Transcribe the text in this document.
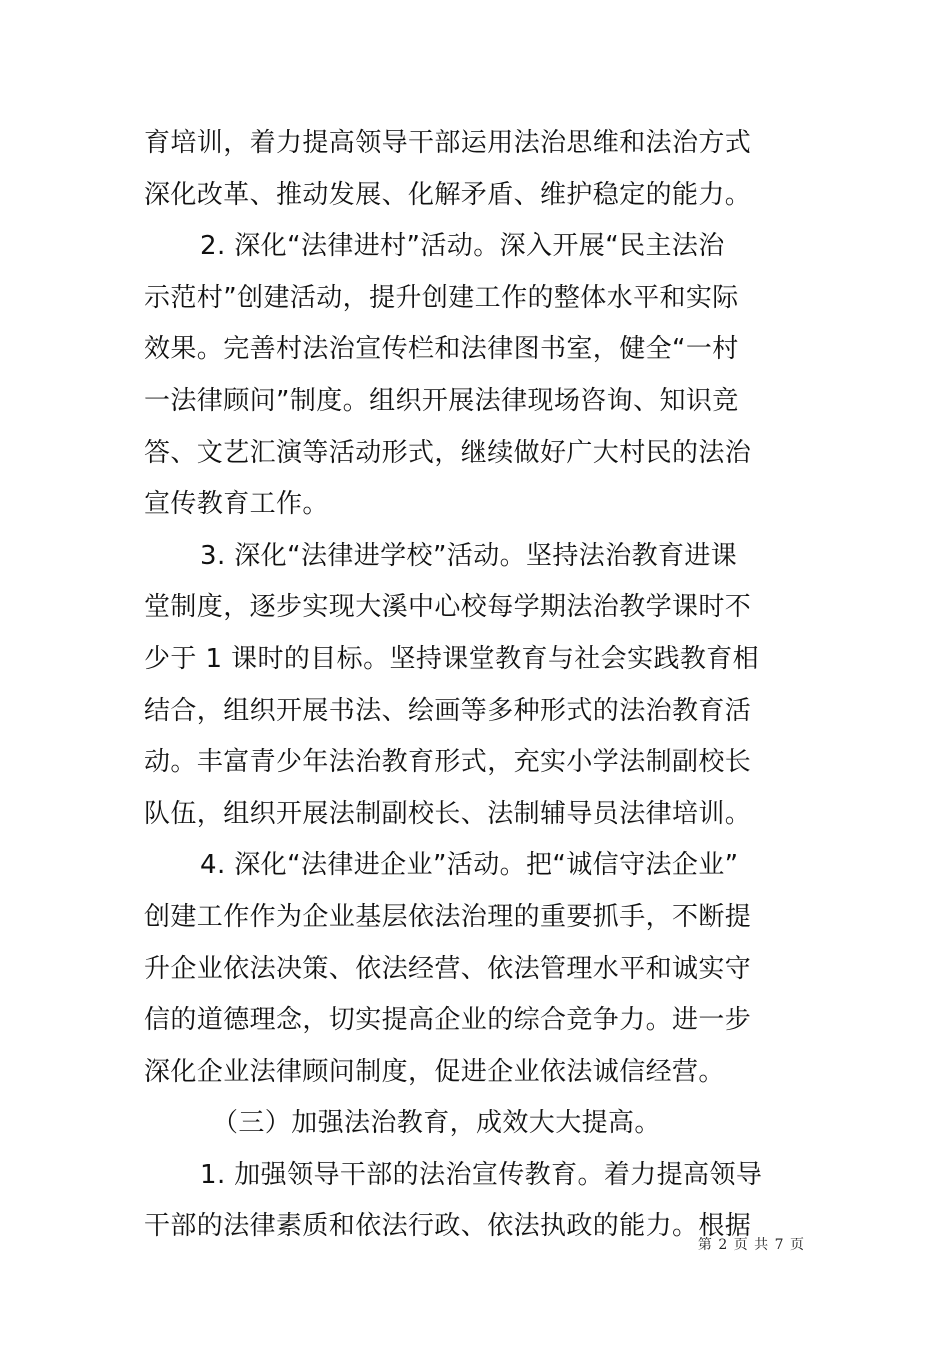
育培训，着力提高领导干部运用法治思维和法治方式
深化改革、推动发展、化解矛盾、维护稳定的能力。
2. 深化“法律进村”活动。深入开展“民主法治
示范村”创建活动，提升创建工作的整体水平和实际
效果。完善村法治宣传栏和法律图书室，健全“一村
一法律顾问”制度。组织开展法律现场咨询、知识竞
答、文艺汇演等活动形式，继续做好广大村民的法治
宣传教育工作。
3. 深化“法律进学校”活动。坚持法治教育进课
堂制度，逐步实现大溪中心校每学期法治教学课时不
少于 1 课时的目标。坚持课堂教育与社会实践教育相
结合，组织开展书法、绘画等多种形式的法治教育活
动。丰富青少年法治教育形式，充实小学法制副校长
队伍，组织开展法制副校长、法制辅导员法律培训。
4. 深化“法律进企业”活动。把“诚信守法企业”
创建工作作为企业基层依法治理的重要抓手，不断提
升企业依法决策、依法经营、依法管理水平和诚实守
信的道德理念，切实提高企业的综合竞争力。进一步
深化企业法律顾问制度，促进企业依法诚信经营。
（三）加强法治教育，成效大大提高。
1. 加强领导干部的法治宣传教育。着力提高领导
干部的法律素质和依法行政、依法执政的能力。根据
第 2 页 共 7 页
